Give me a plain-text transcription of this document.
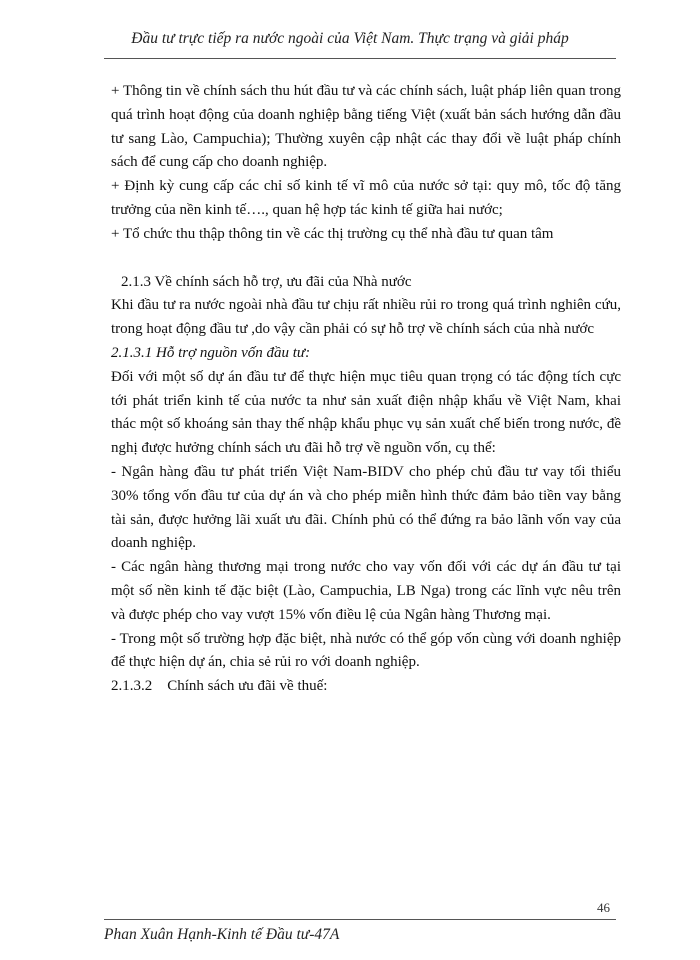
Đầu tư trực tiếp ra nước ngoài của Việt Nam. Thực trạng và giải pháp

+ Thông tin về chính sách thu hút đầu tư và các chính sách, luật pháp liên quan trong quá trình hoạt động của doanh nghiệp bằng tiếng Việt (xuất bản sách hướng dẫn đầu tư sang Lào, Campuchia); Thường xuyên cập nhật các thay đổi về luật pháp chính sách để cung cấp cho doanh nghiệp.

+ Định kỳ cung cấp các chỉ số kinh tế vĩ mô của nước sở tại: quy mô, tốc độ tăng trưởng của nền kinh tế…., quan hệ hợp tác kinh tế giữa hai nước;

+ Tổ chức thu thập thông tin về các thị trường cụ thể nhà đầu tư quan tâm

2.1.3 Về chính sách hỗ trợ, ưu đãi của Nhà nước

Khi đầu tư ra nước ngoài nhà đầu tư chịu rất nhiều rủi ro trong quá trình nghiên cứu, trong hoạt động đầu tư ,do vậy cần phải có sự hỗ trợ về chính sách của nhà nước

2.1.3.1 Hỗ trợ nguồn vốn đầu tư:

Đối với một số dự án đầu tư để thực hiện mục tiêu quan trọng có tác động tích cực tới phát triển kinh tế của nước ta như sản xuất điện nhập khẩu về Việt Nam, khai thác một số khoáng sản thay thế nhập khẩu phục vụ sản xuất chế biến trong nước, đề nghị được hưởng chính sách ưu đãi hỗ trợ về nguồn vốn, cụ thể:

- Ngân hàng đầu tư phát triển Việt Nam-BIDV cho phép chủ đầu tư vay tối thiểu 30% tổng vốn đầu tư của dự án và cho phép miễn hình thức đảm bảo tiền vay bằng tài sản, được hưởng lãi xuất ưu đãi. Chính phủ có thể đứng ra bảo lãnh vốn vay của doanh nghiệp.

- Các ngân hàng thương mại trong nước cho vay vốn đối với các dự án đầu tư tại một số nền kinh tế đặc biệt (Lào, Campuchia, LB Nga) trong các lĩnh vực nêu trên và được phép cho vay vượt 15% vốn điều lệ của Ngân hàng Thương mại.

- Trong một số trường hợp đặc biệt, nhà nước có thể góp vốn cùng với doanh nghiệp để thực hiện dự án, chia sẻ rủi ro với doanh nghiệp.

2.1.3.2    Chính sách ưu đãi về thuế:

46
Phan Xuân Hạnh-Kinh tế Đầu tư-47A
